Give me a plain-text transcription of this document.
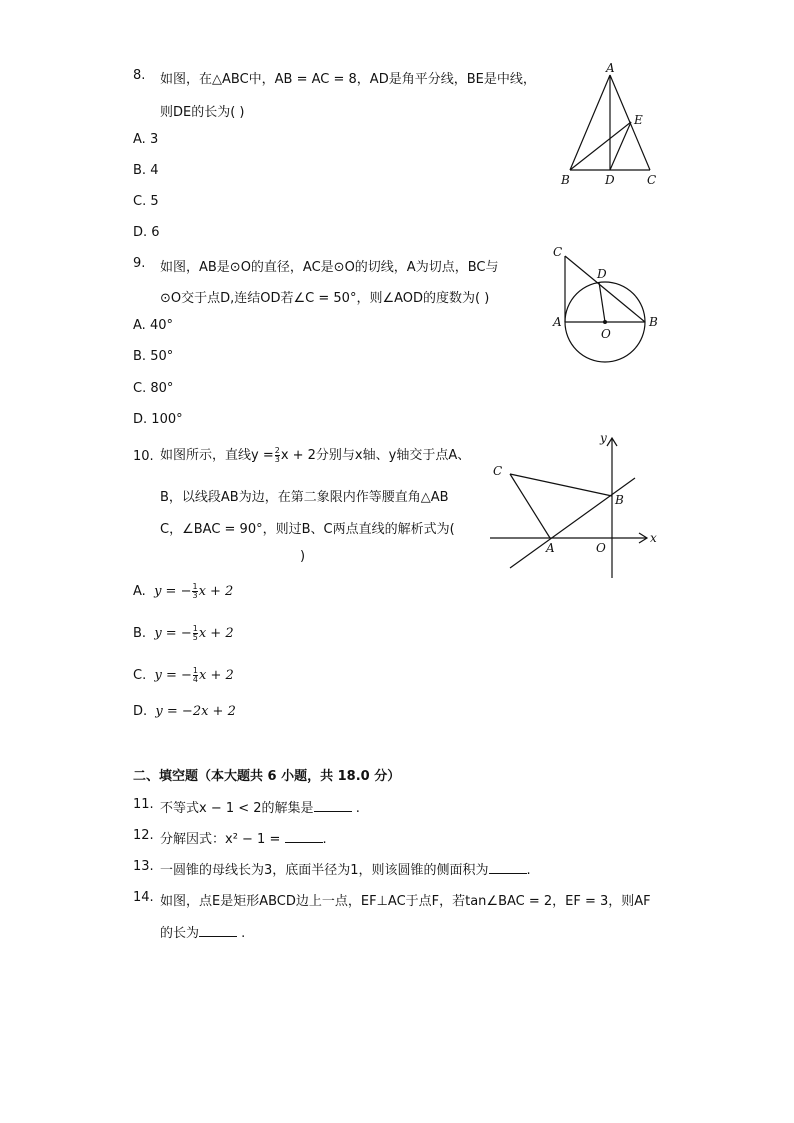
8. 如图，在△ABC中，AB = AC = 8，AD是角平分线，BE是中线，
则DE的长为( )
A. 3
B. 4
C. 5
D. 6
A
B	C
D
E
9. 如图，AB是⊙O的直径，AC是⊙O的切线，A为切点，BC与
⊙O交于点D,连结OD若∠C = 50°，则∠AOD的度数为( )
A. 40°
B. 50°
C. 80°
D. 100°
C
D
A	B
O
10. 如图所示，直线$y = \frac{2}{3}$ x + 2分别与x轴、y轴交于点A、
B，以线段AB为边，在第二象限内作等腰直角△AB
C，∠BAC = 90°，则过B、C两点直线的解析式为(
)
A. y = − $\frac{1}{3}$ x + 2
B. y = − $\frac{1}{5}$ x + 2
C. y = − $\frac{1}{4}$ x + 2
D. y = −2x + 2
y
x
C
B
A	O
二、填空题（本大题共 6 小题，共 18.0 分）
11. 不等式x − 1 < 2的解集是	.
12. 分解因式：x² − 1 =	.
13. 一圆锥的母线长为3，底面半径为1，则该圆锥的侧面积为	.
14. 如图，点E是矩形ABCD边上一点，EF⊥AC于点F，若tan∠BAC = 2，EF = 3，则AF
的长为	.
